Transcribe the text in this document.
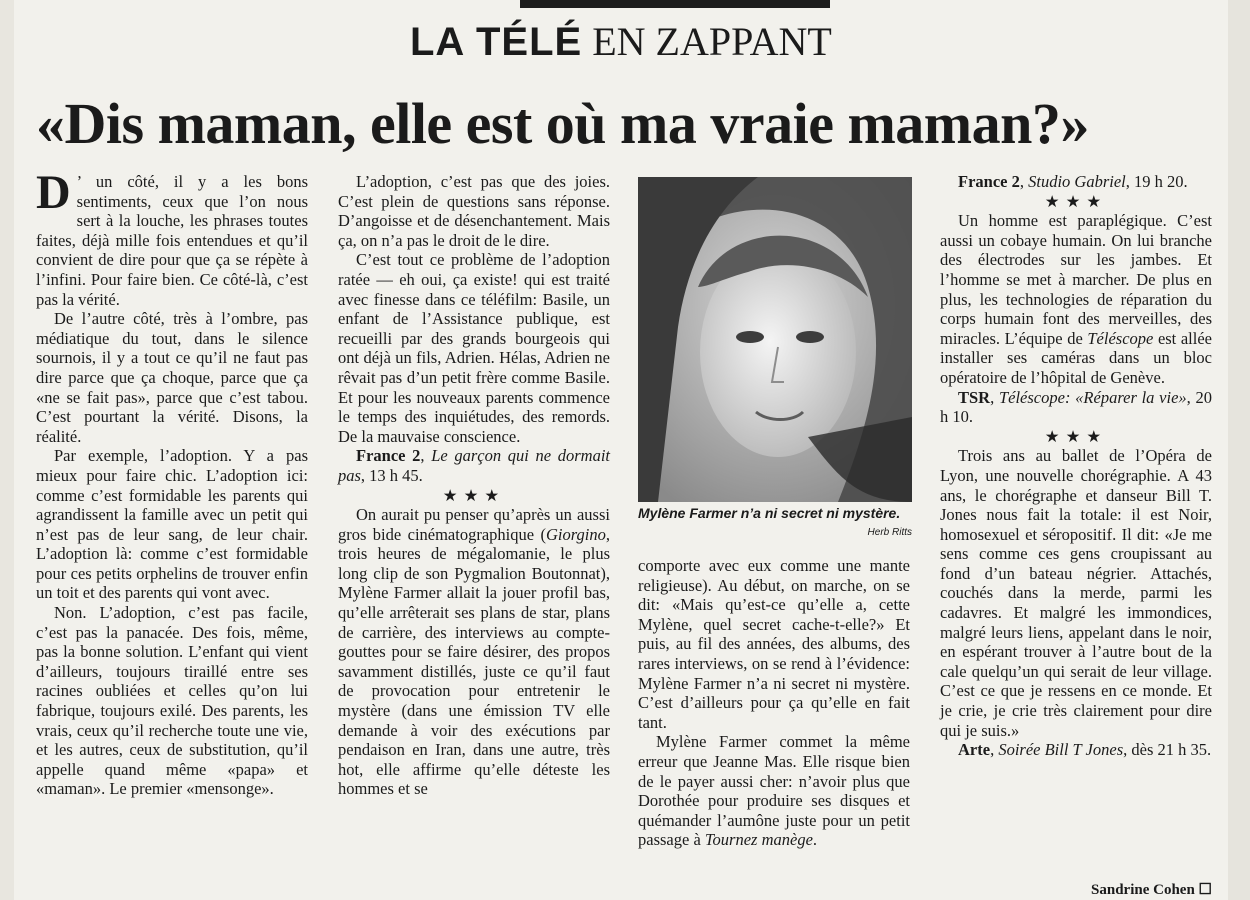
LA TÉLÉ EN ZAPPANT
«Dis maman, elle est où ma vraie maman?»

D ’ un côté, il y a les bons sentiments, ceux que l’on nous sert à la louche, les phrases toutes faites, déjà mille fois entendues et qu’il convient de dire pour que ça se répète à l’infini. Pour faire bien. Ce côté-là, c’est pas la vérité.

De l’autre côté, très à l’ombre, pas médiatique du tout, dans le silence sournois, il y a tout ce qu’il ne faut pas dire parce que ça choque, parce que ça «ne se fait pas», parce que c’est tabou. C’est pourtant la vérité. Disons, la réalité.

Par exemple, l’adoption. Y a pas mieux pour faire chic. L’adoption ici: comme c’est formidable les parents qui agrandissent la famille avec un petit qui n’est pas de leur sang, de leur chair. L’adoption là: comme c’est formidable pour ces petits orphelins de trouver enfin un toit et des parents qui vont avec.

Non. L’adoption, c’est pas facile, c’est pas la panacée. Des fois, même, pas la bonne solution. L’enfant qui vient d’ailleurs, toujours tiraillé entre ses racines oubliées et celles qu’on lui fabrique, toujours exilé. Des parents, les vrais, ceux qu’il recherche toute une vie, et les autres, ceux de substitution, qu’il appelle quand même «papa» et «maman». Le premier «mensonge».

L’adoption, c’est pas que des joies. C’est plein de questions sans réponse. D’angoisse et de désenchantement. Mais ça, on n’a pas le droit de le dire.

C’est tout ce problème de l’adoption ratée — eh oui, ça existe! qui est traité avec finesse dans ce téléfilm: Basile, un enfant de l’Assistance publique, est recueilli par des grands bourgeois qui ont déjà un fils, Adrien. Hélas, Adrien ne rêvait pas d’un petit frère comme Basile. Et pour les nouveaux parents commence le temps des inquiétudes, des remords. De la mauvaise conscience.

France 2, Le garçon qui ne dormait pas, 13 h 45.

★★★

On aurait pu penser qu’après un aussi gros bide cinématographique (Giorgino, trois heures de mégalomanie, le plus long clip de son Pygmalion Boutonnat), Mylène Farmer allait la jouer profil bas, qu’elle arrêterait ses plans de star, plans de carrière, des interviews au compte-gouttes pour se faire désirer, des propos savamment distillés, juste ce qu’il faut de provocation pour entretenir le mystère (dans une émission TV elle demande à voir des exécutions par pendaison en Iran, dans une autre, très hot, elle affirme qu’elle déteste les hommes et se

Mylène Farmer n’a ni secret ni mystère.
Herb Ritts

comporte avec eux comme une mante religieuse). Au début, on marche, on se dit: «Mais qu’est-ce qu’elle a, cette Mylène, quel secret cache-t-elle?» Et puis, au fil des années, des albums, des rares interviews, on se rend à l’évidence: Mylène Farmer n’a ni secret ni mystère. C’est d’ailleurs pour ça qu’elle en fait tant.

Mylène Farmer commet la même erreur que Jeanne Mas. Elle risque bien de le payer aussi cher: n’avoir plus que Dorothée pour produire ses disques et quémander l’aumône juste pour un petit passage à Tournez manège.

France 2, Studio Gabriel, 19 h 20.

★★★

Un homme est paraplégique. C’est aussi un cobaye humain. On lui branche des électrodes sur les jambes. Et l’homme se met à marcher. De plus en plus, les technologies de réparation du corps humain font des merveilles, des miracles. L’équipe de Téléscope est allée installer ses caméras dans un bloc opératoire de l’hôpital de Genève.

TSR, Téléscope: «Réparer la vie», 20 h 10.

★★★

Trois ans au ballet de l’Opéra de Lyon, une nouvelle chorégraphie. A 43 ans, le chorégraphe et danseur Bill T. Jones nous fait la totale: il est Noir, homosexuel et séropositif. Il dit: «Je me sens comme ces gens croupissant au fond d’un bateau négrier. Attachés, couchés dans la merde, parmi les cadavres. Et malgré les immondices, malgré leurs liens, appelant dans le noir, en espérant trouver à l’autre bout de la cale quelqu’un qui serait de leur village. C’est ce que je ressens en ce monde. Et je crie, je crie très clairement pour dire qui je suis.»

Arte, Soirée Bill T Jones, dès 21 h 35.

Sandrine Cohen ☐
